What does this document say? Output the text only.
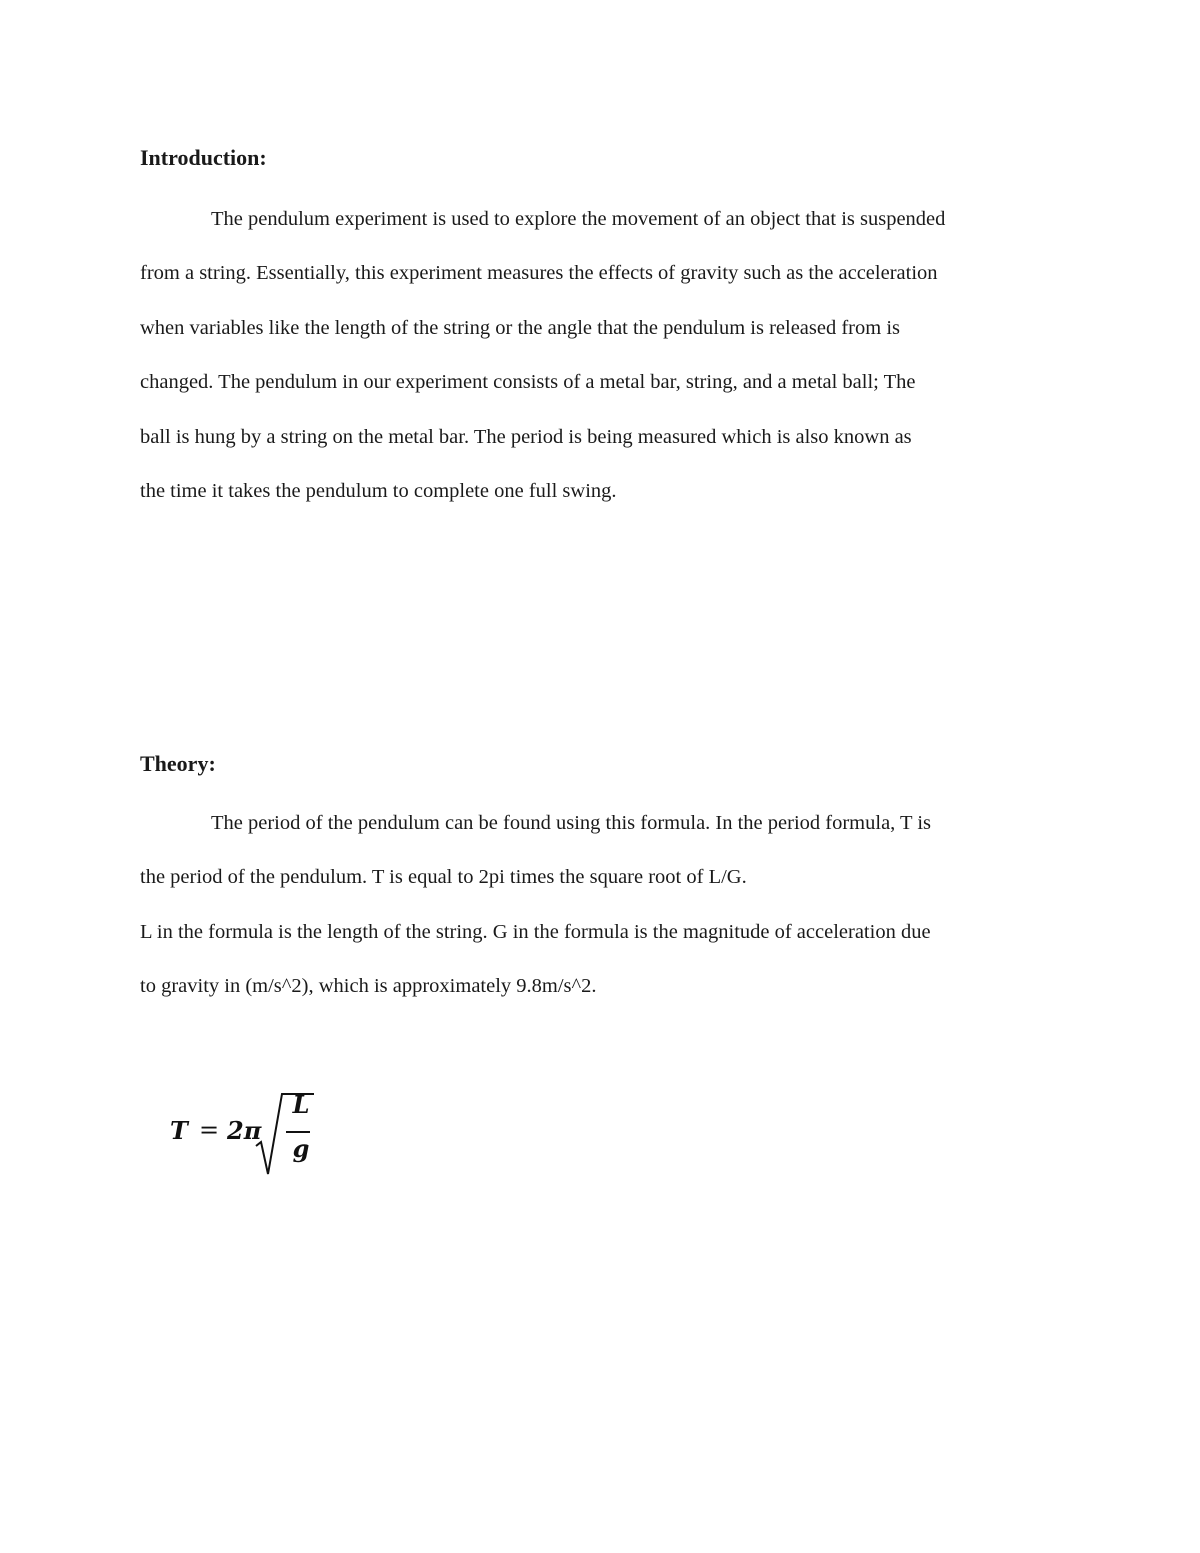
Introduction:

The pendulum experiment is used to explore the movement of an object that is suspended
from a string. Essentially, this experiment measures the effects of gravity such as the acceleration
when variables like the length of the string or the angle that the pendulum is released from is
changed. The pendulum in our experiment consists of a metal bar, string, and a metal ball; The
ball is hung by a string on the metal bar. The period is being measured which is also known as
the time it takes the pendulum to complete one full swing.

Theory:

The period of the pendulum can be found using this formula. In the period formula, T is
the period of the pendulum. T is equal to 2pi times the square root of L/G.

L in the formula is the length of the string. G in the formula is the magnitude of acceleration due
to gravity in (m/s^2), which is approximately 9.8m/s^2.

T = 2π
L
g
